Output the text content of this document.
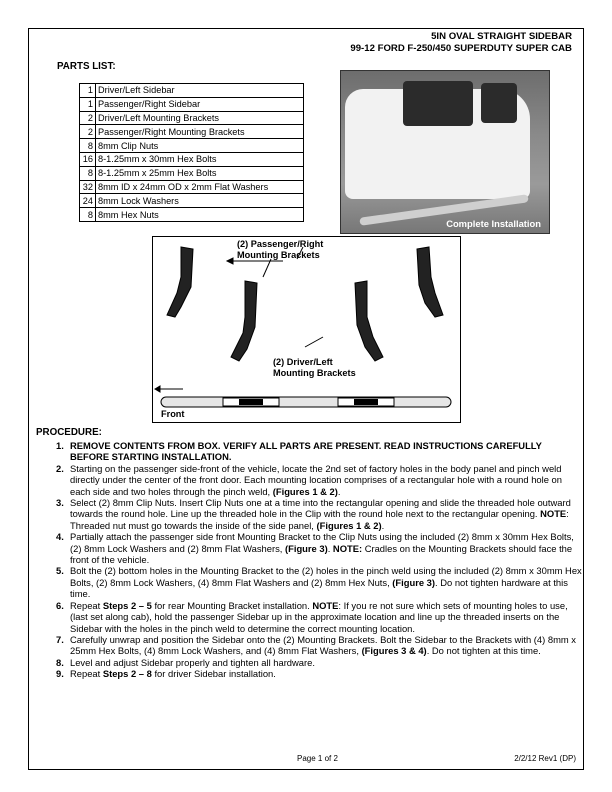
5IN OVAL STRAIGHT SIDEBAR
99-12 FORD F-250/450 SUPERDUTY SUPER CAB
PARTS LIST:
1	Driver/Left Sidebar
1	Passenger/Right Sidebar
2	Driver/Left Mounting Brackets
2	Passenger/Right Mounting Brackets
8	8mm Clip Nuts
16	8-1.25mm x 30mm Hex Bolts
8	8-1.25mm x 25mm Hex Bolts
32	8mm ID x 24mm OD x 2mm Flat Washers
24	8mm Lock Washers
8	8mm Hex Nuts
Complete Installation
(2) Passenger/Right Mounting Brackets
(2) Driver/Left Mounting Brackets
Front
PROCEDURE:
1. REMOVE CONTENTS FROM BOX. VERIFY ALL PARTS ARE PRESENT. READ INSTRUCTIONS CAREFULLY BEFORE STARTING INSTALLATION.
2. Starting on the passenger side-front of the vehicle, locate the 2nd set of factory holes in the body panel and pinch weld directly under the center of the front door. Each mounting location comprises of a rectangular hole with a round hole on each side and two holes through the pinch weld, (Figures 1 & 2).
3. Select (2) 8mm Clip Nuts. Insert Clip Nuts one at a time into the rectangular opening and slide the threaded hole outward towards the round hole. Line up the threaded hole in the Clip with the round hole next to the rectangular opening. NOTE: Threaded nut must go towards the inside of the side panel, (Figures 1 & 2).
4. Partially attach the passenger side front Mounting Bracket to the Clip Nuts using the included (2) 8mm x 30mm Hex Bolts, (2) 8mm Lock Washers and (2) 8mm Flat Washers, (Figure 3). NOTE: Cradles on the Mounting Brackets should face the front of the vehicle.
5. Bolt the (2) bottom holes in the Mounting Bracket to the (2) holes in the pinch weld using the included (2) 8mm x 30mm Hex Bolts, (2) 8mm Lock Washers, (4) 8mm Flat Washers and (2) 8mm Hex Nuts, (Figure 3). Do not tighten hardware at this time.
6. Repeat Steps 2 – 5 for rear Mounting Bracket installation. NOTE: If you re not sure which sets of mounting holes to use, (last set along cab), hold the passenger Sidebar up in the approximate location and line up the threaded inserts on the Sidebar with the holes in the pinch weld to determine the correct mounting location.
7. Carefully unwrap and position the Sidebar onto the (2) Mounting Brackets. Bolt the Sidebar to the Brackets with (4) 8mm x 25mm Hex Bolts, (4) 8mm Lock Washers, and (4) 8mm Flat Washers, (Figures 3 & 4). Do not tighten at this time.
8. Level and adjust Sidebar properly and tighten all hardware.
9. Repeat Steps 2 – 8 for driver Sidebar installation.
Page 1 of 2	2/2/12 Rev1 (DP)
